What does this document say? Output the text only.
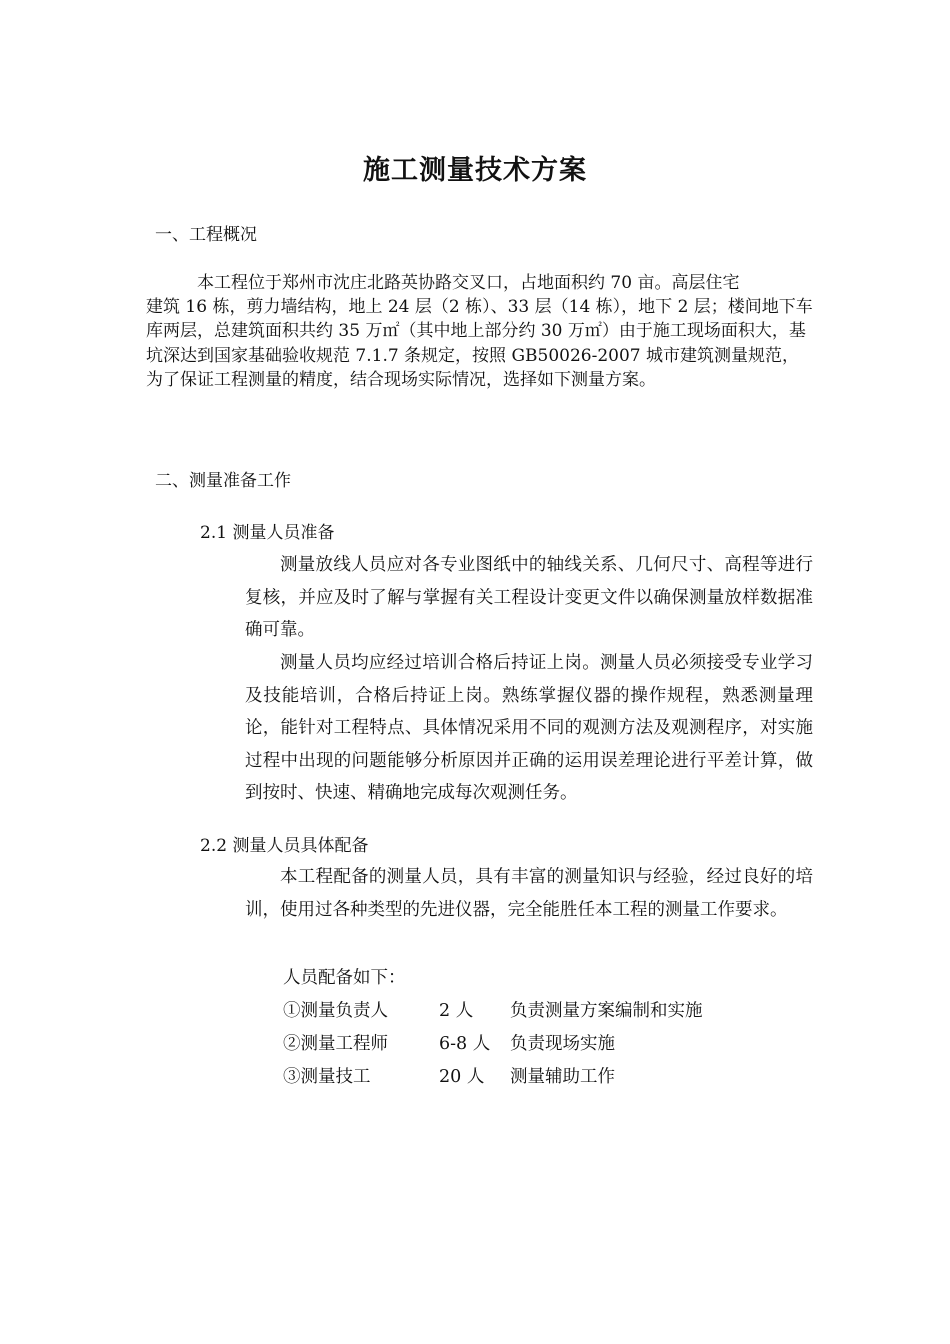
施工测量技术方案
一、工程概况
　　　本工程位于郑州市沈庄北路英协路交叉口，占地面积约 70 亩。高层住宅
建筑 16 栋，剪力墙结构，地上 24 层（2 栋）、33 层（14 栋），地下 2 层；楼间地下车库两层，总建筑面积共约 35 万㎡（其中地上部分约 30 万㎡）由于施工现场面积大，基坑深达到国家基础验收规范 7.1.7 条规定，按照 GB50026-2007 城市建筑测量规范，为了保证工程测量的精度，结合现场实际情况，选择如下测量方案。
二、测量准备工作
2.1 测量人员准备
测量放线人员应对各专业图纸中的轴线关系、几何尺寸、高程等进行复核，并应及时了解与掌握有关工程设计变更文件以确保测量放样数据准确可靠。
测量人员均应经过培训合格后持证上岗。测量人员必须接受专业学习及技能培训，合格后持证上岗。熟练掌握仪器的操作规程，熟悉测量理论，能针对工程特点、具体情况采用不同的观测方法及观测程序，对实施过程中出现的问题能够分析原因并正确的运用误差理论进行平差计算，做到按时、快速、精确地完成每次观测任务。
2.2 测量人员具体配备
本工程配备的测量人员，具有丰富的测量知识与经验，经过良好的培训，使用过各种类型的先进仪器，完全能胜任本工程的测量工作要求。
人员配备如下：
①测量负责人	2 人 负责测量方案编制和实施
②测量工程师	6-8 人 负责现场实施
③测量技工	20 人 测量辅助工作
